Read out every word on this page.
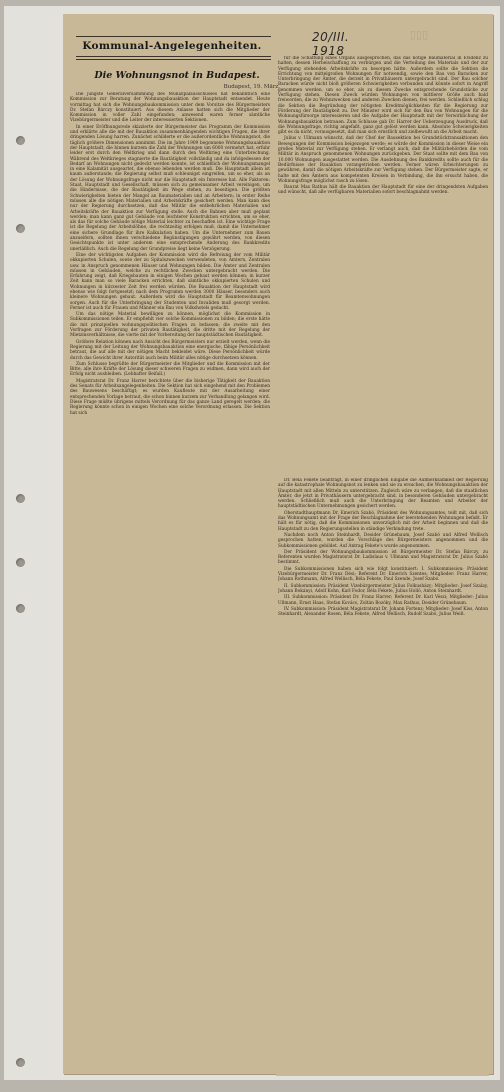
▯▯▯
20/III. 1918
Kommunal-Angelegenheiten.
Die Wohnungsnot in Budapest.
Budapest, 19. März.

Die jüngste Generalversammlung des Munizipalausschusses hat bekanntlich eine Kommission zur Beratung der Wohnungsbauaktion der Hauptstadt entsendet. Heute vormittag hat sich die Wohnungsbaukommission unter dem Vorsitze des Bürgermeisters Dr. Stefan Bárczy konstituiert. Aus diesem Anlasse hatten sich die Mitglieder der Kommission in voller Zahl eingefunden; anwesend waren ferner sämtliche Vizebürgermeister und die Leiter der interessierten Sektionen.

In einer Eröffnungsrede skizzierte der Bürgermeister das Programm der Kommission und erklärte alle die mit der Bauaktion zusammenhängenden wichtigen Fragen, die ihrer dringenden Lösung harren. Zunächst schilderte er die außerordentliche Wohnungsnot, die täglich größere Dimensionen annimmt. Die im Jahre 1909 begonnene Wohnungsbauaktion der Hauptstadt, die binnen kurzem die Zahl der Wohnungen um 6000 vermehrt hat, erfuhr leider erst durch den Weltkrieg und dann durch den Weltkrieg eine Unterbrechung. Während des Weltkrieges stagnierte die Bautätigkeit vollständig und da infolgedessen der Bedarf an Wohnungen nicht gedeckt werden konnte, ist schließlich der Wohnungsmangel in eine Kalamität ausgeartet, die ebenso lebenden werden muß. Die Hauptstadt allein ist kaum außerstande; die Regierung selbst muß schleunigst eingreifen, um so eher, als an der Lösung der Wohnungsfrage nicht nur die Hauptstadt ein Interesse hat. Alle Faktoren: Staat, Hauptstadt und Gesellschaft, müssen sich zu gemeinsamer Arbeit vereinigen, um die Hindernisse, die der Bautätigkeit im Wege stehen, zu beseitigen. Die größten Schwierigkeiten bieten der Mangel an Baumaterialien und an Arbeitern; in erster Reihe müssen alle die nötigen Materialien und Arbeitskräfte gesichert werden. Man kann dies nur der Regierung durchsetzen, daß das Militär die entbehrlichen Materialien und Arbeitskräfte der Bauaktion zur Verfügung stelle. Auch die Bahnen aber muß geplant werden; man kann ganz gut Gebäude von leichterer Konstruktion errichten, um so eher, als das für solche Gebäude nötige Material leichter zu beschaffen ist. Eine wichtige Frage ist die Regelung der Arbeitslöhne, die rechtzeitig erfolgen muß, damit die Unternehmer eine sichere Grundlage für ihre Kalkulation haben. Um die Unternehmer zum Bauen anzueifern, sollten ihnen verschiedene Begünstigungen gewährt werden, von diesen Gesichtspunkte ist unter anderem eine entsprechende Änderung des Bankkredits unerläßlich. Auch die Regelung der Grundpreise liegt keine Verzögerung.

Eine der wichtigsten Aufgaben der Kommission wird die Befreiung der vom Militär okkupierten Schulen, sowie der zu Spitalszwecken verwendeten, von Ämtern, Zentralen usw. in Anspruch genommenen Häuser und Wohnungen bilden. Die Ämter und Zentralen müssen in Gebäuden, welche zu rechtlichen Zwecken untergebracht werden. Die Erfahrung zeigt, daß Kriegsbauten in einigen Wochen gebaut werden können; in kurzer Zeit kann man so viele Baracken errichten, daß sämtliche okkupierten Schulen und Wohnungen in kürzester Zeit frei werden würden. Die Bauaktion der Hauptstadt wird ebenso wie folgt fortgesetzt; nach dem Programm werden 3000 Häuser, besonders auch kleinere Wohnungen gebaut. Außerdem wird die Hauptstadt für Beamtenwohnungen sorgen. Auch für die Unterbringung der Studenten und Invaliden muß gesorgt werden. Ferner ist auch für Frauen und Männer ein Bau von Volkshotels gedacht.

Um das nötige Material bewilligen zu können, möglichst die Kommission in Subkommissionen teilen. Er empfiehlt vier solche Kommissionen zu bilden; die erste hätte die mit prinzipiellen wohnungspolitischen Fragen zu befassen; die zweite mit den Vorfragen zur Förderung der privaten Bautätigkeit, die dritte mit der Regelung der Mietzinsverhältnisse, die vierte mit der Vorbereitung der hauptstädtischen Bautätigkeit.

Größere Relation können nach Ansicht des Bürgermeisters nur erzielt werden, wenn die Regierung mit der Leitung der Wohnungsbauaktion eine energische, fähige Persönlichkeit betraut, die auf alle mit der nötigen Macht bekleidet wäre. Diese Persönlichkeit würde durch das Gewicht ihrer Autorität auch beim Militär alles nötige durchsetzen können.

Zum Schlusse begrüßte der Bürgermeister die Mitglieder und die Kommission mit der Bitte, alle ihre Kräfte der Lösung dieser schweren Fragen zu widmen, dann wird auch der Erfolg nicht ausbleiben. (Lebhafter Beifall.)

Magistratsrat Dr. Franz Harrer berichtete über die bisherige Tätigkeit der Bauaktion des Senats für Arbeitsangelegenheiten. Die Sektion hat sich eingehend mit den Problemen des Bauwesens beschäftigt; es wurden Kaufleute mit der Ausarbeitung einer entsprechenden Vorlage betraut, die schon binnen kurzem zur Verhandlung gelangen wird. Diese Frage müßte übrigens mittels Verordnung für das ganze Land geregelt werden; die Regierung könnte schon in einigen Wochen eine solche Verordnung erlassen. Die Sektion hat sich

für die Schaffung eines Organs ausgesprochen, das das nötige Baumaterial in Evidenz zu halten, dessen Herbeischaffung zu verbürgen und die Verteilung des Materials und der zur Verfügung stehenden Arbeitskräfte zu besorgen hätte. Außerdem sollte die Sektion die Errichtung von mittelgroßen Wohnungen für notwendig, sowie den Bau von Baracken zur Unterbringung der Ämter, die derzeit in Privathäusern untergebracht sind. Der Bau solcher Baracken würde nicht bloß größeren Schwierigkeiten verbunden und könnte sofort in Angriff genommen werden, um so eher, als zu diesem Zwecke entsprechende Grundstücke zur Verfügung stehen. Diesen Zweck würden Wohnungen von mittlerer Größe auch bald freiwerden, die zu Wohnzwecken und anderen Zwecken dienen, frei werden. Schließlich schlug die Sektion die Begründung der nötigsten Kreditmöglichkeiten für die Regierung zur Förderung der Bautätigkeit zu. Der Minister wird sich für den Bau von Wohnungen für die Wohnungsfürsorge interessieren und die Aufgabe der Hauptstadt mit der Verwirklichung der Wohnungsbauaktion betrauen. Zum Schlusse gab Dr. Harrer der Ueberzeugung Ausdruck, daß die Wohnungsfrage, richtig angefaßt, ganz gut gelöst werden kann. Absolute Schwierigkeiten gibt es da nicht, vorausgesetzt, daß man sich ernstlich und zielbewußt an die Arbeit macht.

Julius v. Ullmann wünscht, daß der Chef der Bausektion bei Grundstücktransaktionen den Bewegungen der Kommission beigezogen werde; es würde der Kommission in dieser Weise ein großes Material zur Verfügung stehen. Er verlangt auch, daß die Militärbehörden die vom Militär in Anspruch genommenen Wohnungen zurückgeben. Der Staat sollte mit dem Bau von 10.000 Wohnungen ausgestattet werden. Die Ausdehnung des Bankkredits sollte auch für die Bedürfnisse der Bauaktion vorangetrieben werden. Ferner wären Erleichterungen zu gewähren, damit die nötigen Arbeitskräfte zur Verfügung stehen. Der Bürgermeister sagte, er halte mit den Ämtern aus kompetenten Kreisen in Verbindung, die ihn ersucht haben, die Wohnungsfrage möglichst rasch zu lösen.

Baurat Max Rathus hält die Bauaktion der Hauptstadt für eine der dringendsten Aufgaben und wünscht, daß alle verfügbaren Materialien sofort beschlagnahmt werden.

Dr. Béla Fekete beantragt, in einer dringlichen Eingabe die Aufmerksamkeit der Regierung auf die katastrophale Wohnungsnot zu lenken und sie zu ersuchen, die Wohnungsbauaktion der Hauptstadt mit allen Mitteln zu unterstützen. Zugleich wäre zu verlangen, daß die staatlichen Ämter, die jetzt in Privathäusern untergebracht sind, in besonderen Gebäuden untergebracht werden. Schließlich muß auch die Unterbringung der Beamten und Arbeiter der hauptstädtischen Unternehmungen gesichert werden.

Oberstadthauptmann Dr. Emerich Szabó, Präsident des Wohnungsamtes, teilt mit, daß sich das Wohnungsamt mit der Frage der Beschlagnahme der leerstehenden Wohnungen befaßt. Er hält es für nötig, daß die Kommissionen unverzüglich mit der Arbeit beginnen und daß die Hauptstadt zu den Regierungsstellen in ständige Verbindung trete.

Nachdem noch Anton Steinhardt, Desider Grünebaum, Josef Szabó und Alfred Wellisch gesprochen hatten, wurden die Vorschläge des Bürgermeisters angenommen und die Subkommissionen gebildet. Auf Antrag Fekete's wurde angenommen.

Der Präsident der Wohnungsbaukommission ist Bürgermeister Dr. Stefan Bárczy, zu Referenten wurden Magistratsrat Dr. Ladislaus v. Ullmann und Magistratsrat Dr. Julius Szabó bestimmt.

Die Subkommissionen haben sich wie folgt konstituiert: I. Subkommission: Präsident Vizebürgermeister Dr. Franz Dési; Referent Dr. Emerich Szentes; Mitglieder: Franz Harrer, Johann Rothmann, Alfred Wellisch, Béla Fekete, Paul Szende, Josef Szabó.

II. Subkommission: Präsident Vizebürgermeister Julius Folkusházy; Mitglieder: Josef Szalay, Johann Bokányi, Adolf Kohn, Karl Fodor, Béla Fekete, Julius Holló, Anton Steinhardt.

III. Subkommission: Präsident Dr. Franz Harrer; Referent Dr. Karl Vészi; Mitglieder: Julius Ullmann, Ernst Haas, Stefan Kovács, Zoltán Bozóky, Max Rathus, Desider Grünebaum.

IV. Subkommission: Präsident Magistratsrat Dr. Johann Fortenz; Mitglieder: Josef Kiss, Anton Steinhardt, Alexander Rosen, Béla Fekete, Alfred Wellisch, Rudolf Szabó, Julius Weiß.
